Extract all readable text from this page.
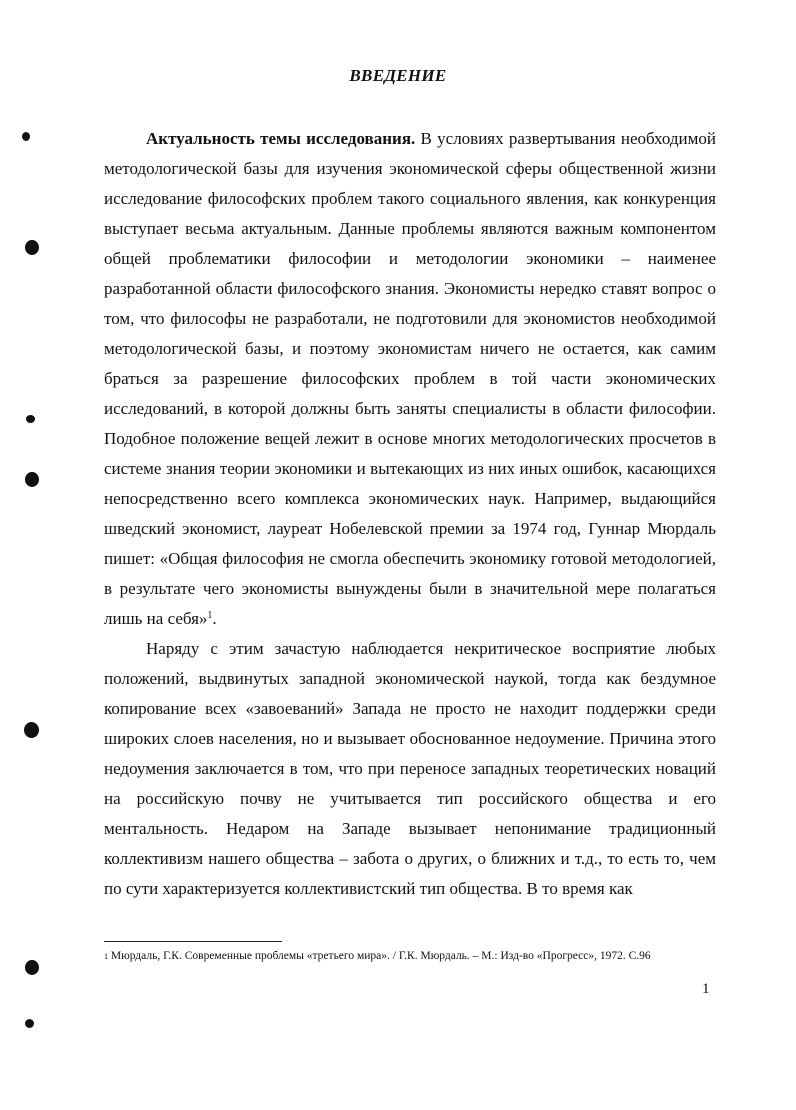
ВВЕДЕНИЕ

Актуальность темы исследования. В условиях развертывания необходимой методологической базы для изучения экономической сферы общественной жизни исследование философских проблем такого социального явления, как конкуренция выступает весьма актуальным. Данные проблемы являются важным компонентом общей проблематики философии и методологии экономики – наименее разработанной области философского знания. Экономисты нередко ставят вопрос о том, что философы не разработали, не подготовили для экономистов необходимой методологической базы, и поэтому экономистам ничего не остается, как самим браться за разрешение философских проблем в той части экономических исследований, в которой должны быть заняты специалисты в области философии. Подобное положение вещей лежит в основе многих методологических просчетов в системе знания теории экономики и вытекающих из них иных ошибок, касающихся непосредственно всего комплекса экономических наук. Например, выдающийся шведский экономист, лауреат Нобелевской премии за 1974 год, Гуннар Мюрдаль пишет: «Общая философия не смогла обеспечить экономику готовой методологией, в результате чего экономисты вынуждены были в значительной мере полагаться лишь на себя»$^1$.

Наряду с этим зачастую наблюдается некритическое восприятие любых положений, выдвинутых западной экономической наукой, тогда как бездумное копирование всех «завоеваний» Запада не просто не находит поддержки среди широких слоев населения, но и вызывает обоснованное недоумение. Причина этого недоумения заключается в том, что при переносе западных теоретических новаций на российскую почву не учитывается тип российского общества и его ментальность. Недаром на Западе вызывает непонимание традиционный коллективизм нашего общества – забота о других, о ближних и т.д., то есть то, чем по сути характеризуется коллективистский тип общества. В то время как

$^1$ Мюрдаль, Г.К. Современные проблемы «третьего мира». / Г.К. Мюрдаль. – М.: Изд-во «Прогресс», 1972. С.96
1
